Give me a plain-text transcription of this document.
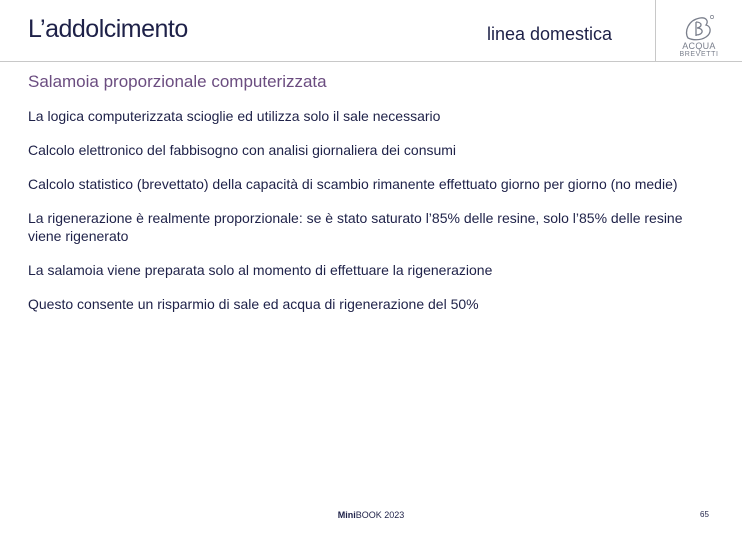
L’addolcimento	linea domestica
ACQUA
BREVETTI
Salamoia proporzionale computerizzata

La logica computerizzata scioglie ed utilizza solo il sale necessario

Calcolo elettronico del fabbisogno con analisi giornaliera dei consumi

Calcolo statistico (brevettato) della capacità di scambio rimanente effettuato giorno per giorno (no medie)

La rigenerazione è realmente proporzionale: se è stato saturato l’85% delle resine, solo l’85% delle resine viene rigenerato

La salamoia viene preparata solo al momento di effettuare la rigenerazione

Questo consente un risparmio di sale ed acqua di rigenerazione del 50%

MiniBOOK 2023	65
